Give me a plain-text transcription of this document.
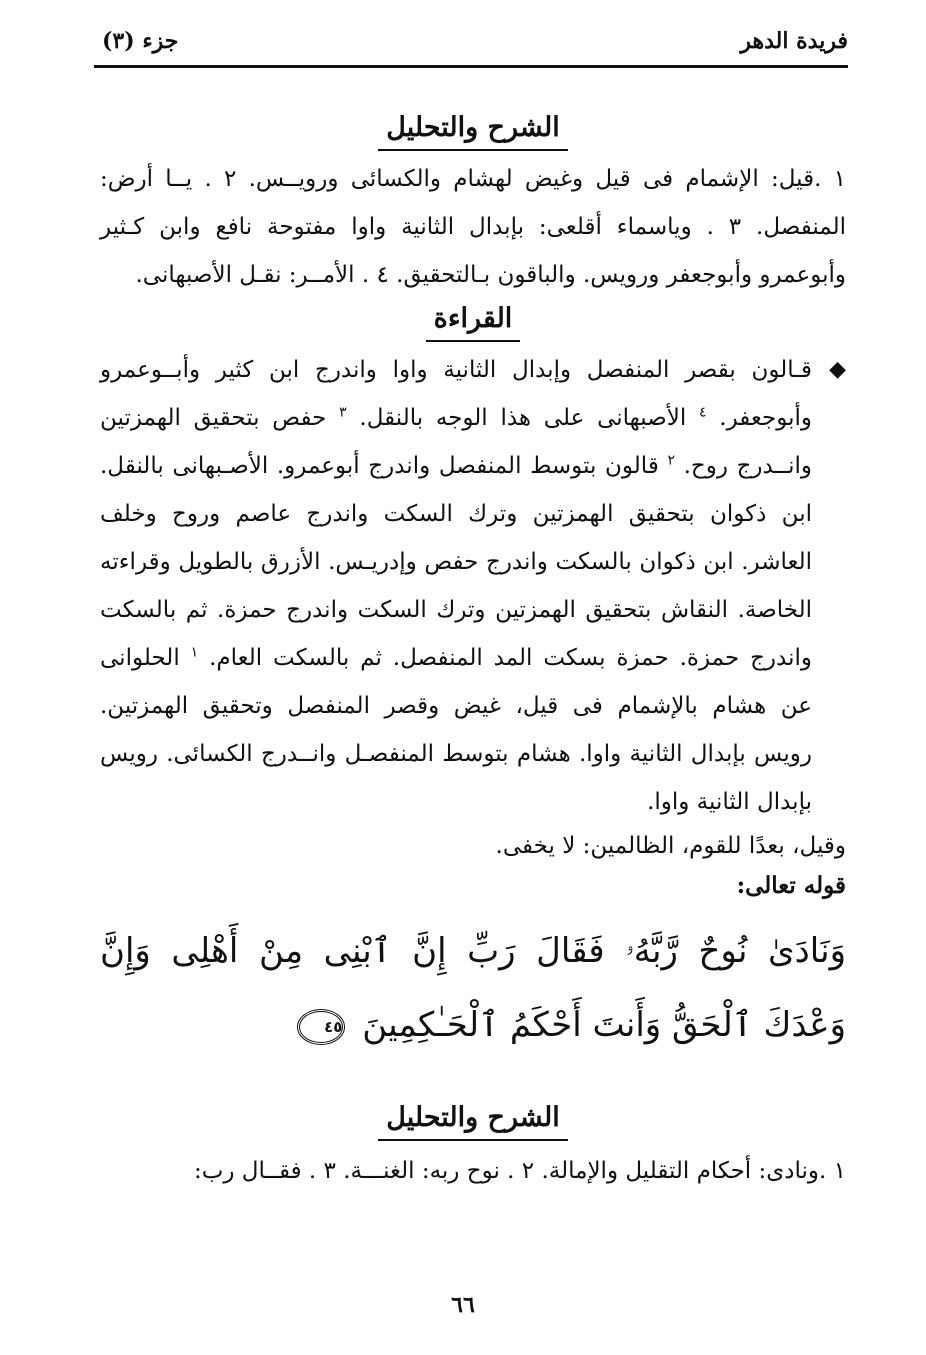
فريدة الدهر
جزء (٣)
الشرح والتحليل

١ .قيل: الإشمام فى قيل وغيض لهشام والكسائى ورويــس. ٢ . يــا أرض: المنفصل. ٣ . وياسماء أقلعى: بإبدال الثانية واوا مفتوحة نافع وابن كـثير وأبوعمرو وأبوجعفر ورويس. والباقون بـالتحقيق. ٤ . الأمــر: نقـل الأصبهانى.

القراءة
◆
قـالون بقصر المنفصل وإبدال الثانية واوا واندرج ابن كثير وأبــوعمرو وأبوجعفر. $^٤$ الأصبهانى على هذا الوجه بالنقل. $^٣$ حفص بتحقيق الهمزتين وانــدرج روح. $^٢$ قالون بتوسط المنفصل واندرج أبوعمرو. الأصـبهانى بالنقل. ابن ذكوان بتحقيق الهمزتين وترك السكت واندرج عاصم وروح وخلف العاشر. ابن ذكوان بالسكت واندرج حفص وإدريـس. الأزرق بالطويل وقراءته الخاصة. النقاش بتحقيق الهمزتين وترك السكت واندرج حمزة. ثم بالسكت واندرج حمزة. حمزة بسكت المد المنفصل. ثم بالسكت العام. $^١$ الحلوانى عن هشام بالإشمام فى قيل، غيض وقصر المنفصل وتحقيق الهمزتين. رويس بإبدال الثانية واوا. هشام بتوسط المنفصـل وانــدرج الكسائى. رويس بإبدال الثانية واوا.

وقيل، بعدًا للقوم، الظالمين: لا يخفى.

قوله تعالى:

وَنَادَىٰ نُوحٌ رَّبَّهُۥ فَقَالَ رَبِّ إِنَّ ٱبْنِى مِنْ أَهْلِى وَإِنَّ وَعْدَكَ ٱلْحَقُّ وَأَنتَ أَحْكَمُ ٱلْحَـٰكِمِينَ ٤٥

الشرح والتحليل

١ .ونادى: أحكام التقليل والإمالة. ٢ . نوح ربه: الغنـــة. ٣ . فقــال رب:

٦٦
